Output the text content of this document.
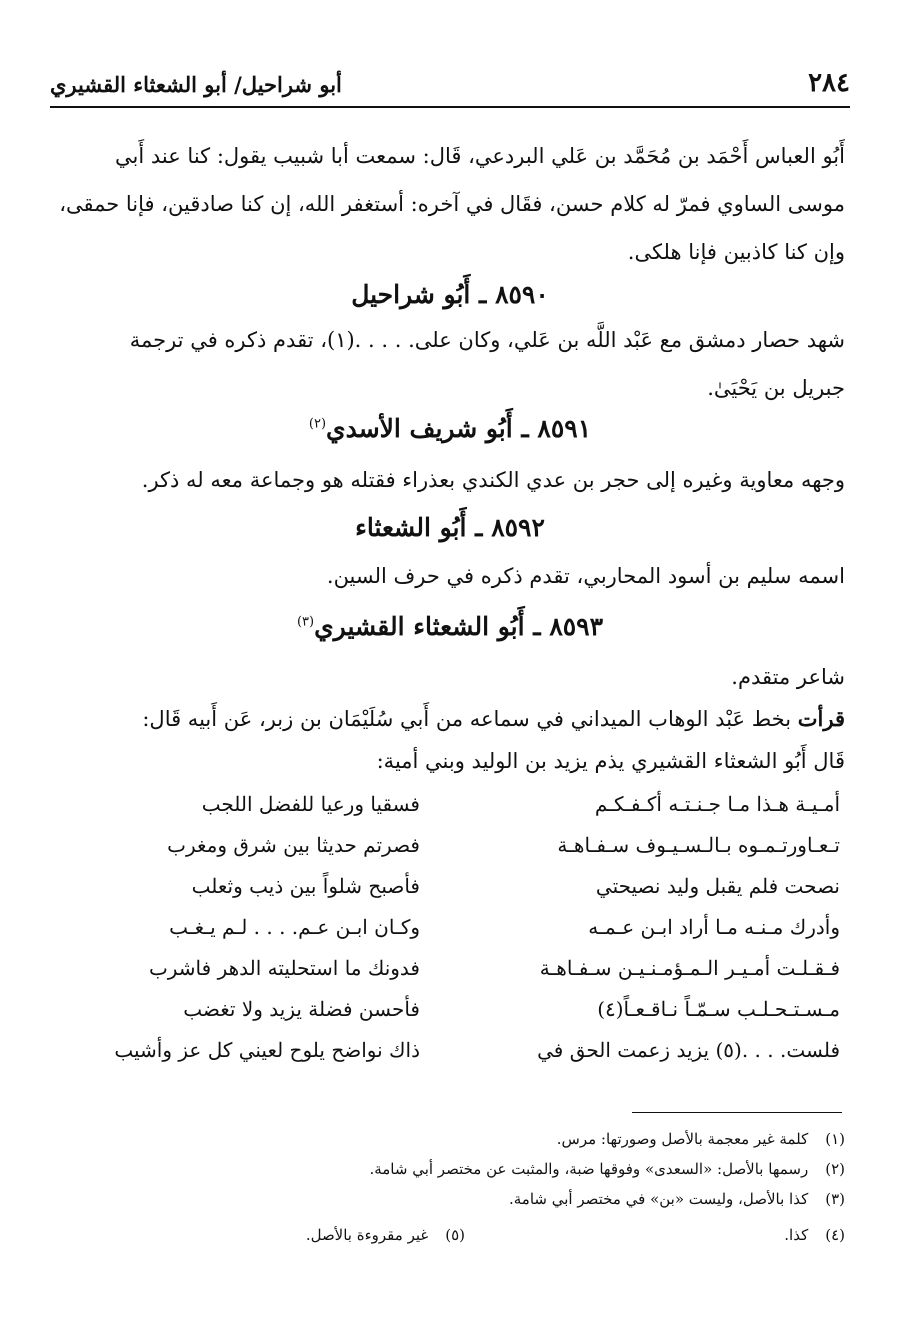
٢٨٤
أبو شراحيل/ أبو الشعثاء القشيري
أَبُو العباس أَحْمَد بن مُحَمَّد بن عَلي البردعي، قَال: سمعت أبا شبيب يقول: كنا عند أَبي
موسى الساوي فمرّ له كلام حسن، فقَال في آخره: أستغفر الله، إن كنا صادقين، فإنا حمقى،
وإن كنا كاذبين فإنا هلكى.
٨٥٩٠ ـ أَبُو شراحيل
شهد حصار دمشق مع عَبْد اللَّه بن عَلي، وكان على. . . . .(١)، تقدم ذكره في ترجمة
جبريل بن يَحْيَىٰ.
٨٥٩١ ـ أَبُو شريف الأسدي$^{(٢)}$
وجهه معاوية وغيره إلى حجر بن عدي الكندي بعذراء فقتله هو وجماعة معه له ذكر.
٨٥٩٢ ـ أَبُو الشعثاء
اسمه سليم بن أسود المحاربي، تقدم ذكره في حرف السين.
٨٥٩٣ ـ أَبُو الشعثاء القشيري$^{(٣)}$
شاعر متقدم.
قرأت بخط عَبْد الوهاب الميداني في سماعه من أَبي سُلَيْمَان بن زبر، عَن أَبيه قَال:
قَال أَبُو الشعثاء القشيري يذم يزيد بن الوليد وبني أمية:
أمـيـة هـذا مـا جـنـتـه أكـفـكـم
فسقيا ورعيا للفضل اللجب
تـعـاورتـمـوه بـالـسـيـوف سـفـاهـة
فصرتم حديثا بين شرق ومغرب
نصحت فلم يقبل وليد نصيحتي
فأصبح شلواً بين ذيب وثعلب
وأدرك مـنـه مـا أراد ابـن عـمـه
وكـان ابـن عـم. . . . لـم يـغـب
فـقـلـت أمـيـر الـمـؤمـنـيـن سـفـاهـة
فدونك ما استحليته الدهر فاشرب
مـسـتـحـلـب سـمّـاً نـاقـعـاً(٤)
فأحسن فضلة يزيد ولا تغضب
فلست. . . .(٥) يزيد زعمت الحق في
ذاك نواضح يلوح لعيني كل عز وأشيب
(١) كلمة غير معجمة بالأصل وصورتها: مرس.
(٢) رسمها بالأصل: «السعدى» وفوقها ضبة، والمثبت عن مختصر أبي شامة.
(٣) كذا بالأصل، وليست «بن» في مختصر أبي شامة.
(٤) كذا.
(٥) غير مقروءة بالأصل.
